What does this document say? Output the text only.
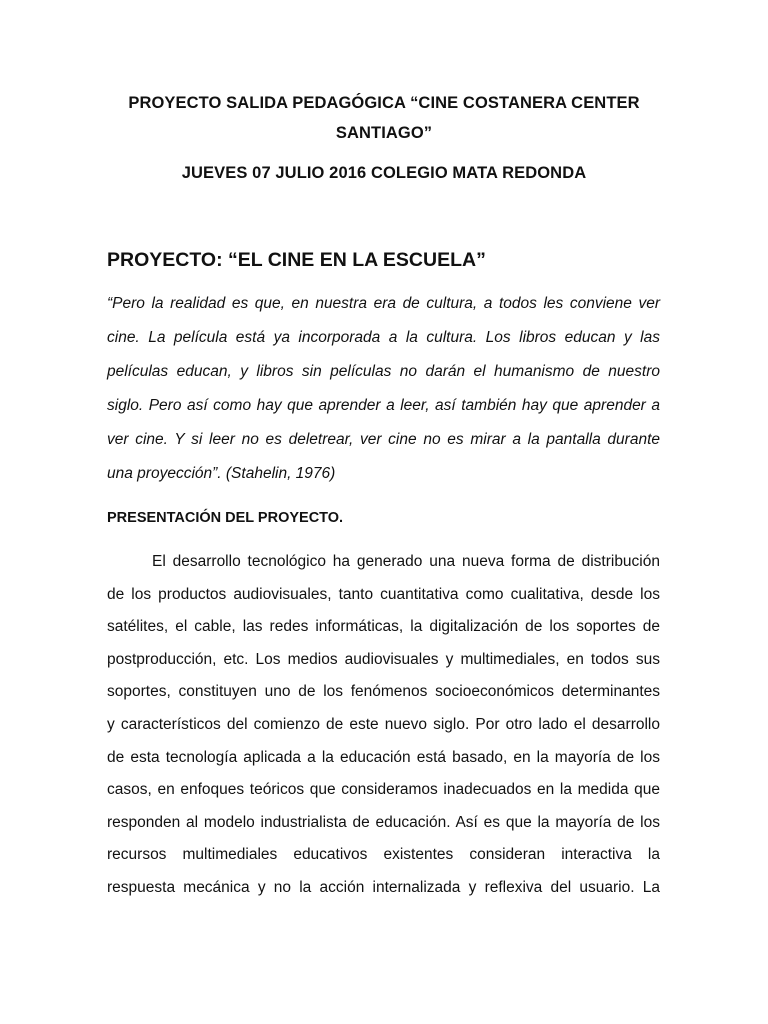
PROYECTO SALIDA PEDAGÓGICA “CINE COSTANERA CENTER
SANTIAGO”
JUEVES 07 JULIO 2016 COLEGIO MATA REDONDA
PROYECTO: “EL CINE EN LA ESCUELA”
“Pero la realidad es que, en nuestra era de cultura, a todos les conviene ver
cine. La película está ya incorporada a la cultura. Los libros educan y las
películas educan, y libros sin películas no darán el humanismo de nuestro
siglo. Pero así como hay que aprender a leer, así también hay que aprender a
ver cine. Y si leer no es deletrear, ver cine no es mirar a la pantalla durante
una proyección”. (Stahelin, 1976)
PRESENTACIÓN DEL PROYECTO.
El desarrollo tecnológico ha generado una nueva forma de distribución
de los productos audiovisuales, tanto cuantitativa como cualitativa, desde los
satélites, el cable, las redes informáticas, la digitalización de los soportes de
postproducción, etc. Los medios audiovisuales y multimediales, en todos sus
soportes, constituyen uno de los fenómenos socioeconómicos determinantes
y característicos del comienzo de este nuevo siglo. Por otro lado el desarrollo
de esta tecnología aplicada a la educación está basado, en la mayoría de los
casos, en enfoques teóricos que consideramos inadecuados en la medida que
responden al modelo industrialista de educación. Así es que la mayoría de los
recursos multimediales educativos existentes consideran interactiva la
respuesta mecánica y no la acción internalizada y reflexiva del usuario. La
